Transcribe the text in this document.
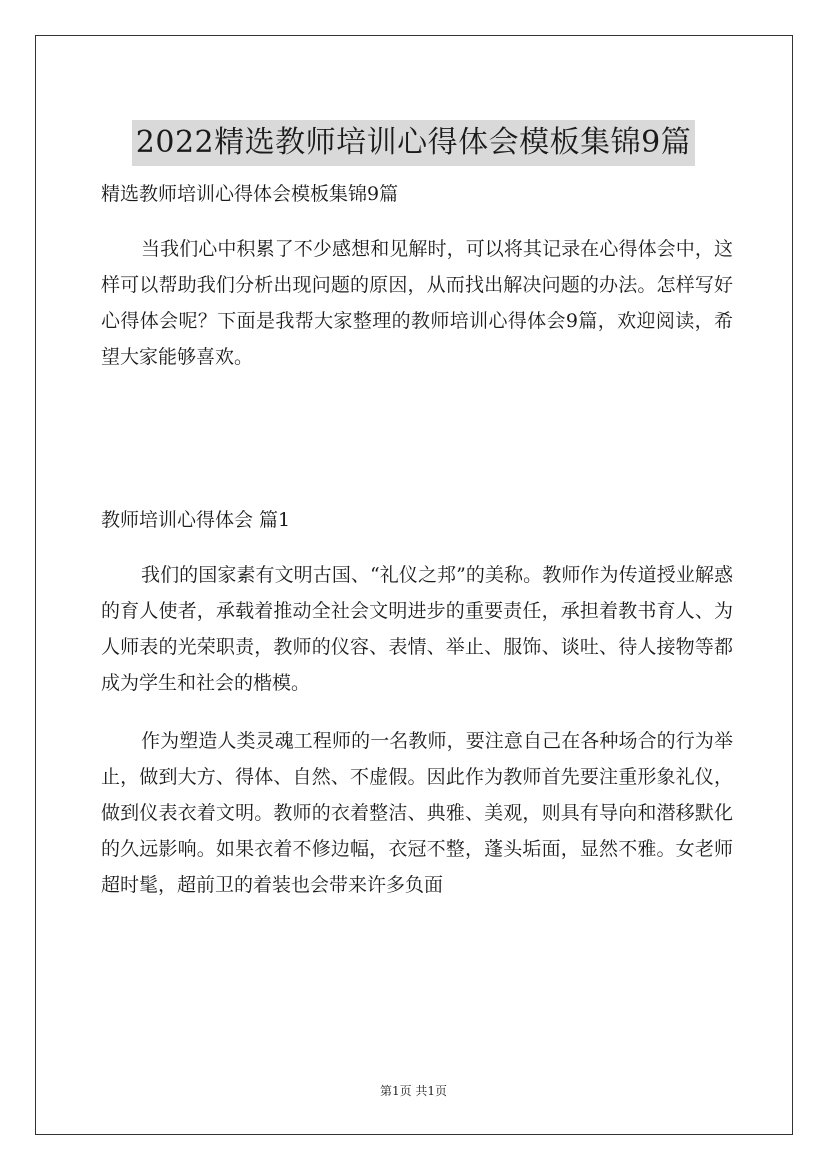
2022精选教师培训心得体会模板集锦9篇
精选教师培训心得体会模板集锦9篇

当我们心中积累了不少感想和见解时，可以将其记录在心得体会中，这样可以帮助我们分析出现问题的原因，从而找出解决问题的办法。怎样写好心得体会呢？下面是我帮大家整理的教师培训心得体会9篇，欢迎阅读，希望大家能够喜欢。

教师培训心得体会 篇1

我们的国家素有文明古国、“礼仪之邦”的美称。教师作为传道授业解惑的育人使者，承载着推动全社会文明进步的重要责任，承担着教书育人、为人师表的光荣职责，教师的仪容、表情、举止、服饰、谈吐、待人接物等都成为学生和社会的楷模。

作为塑造人类灵魂工程师的一名教师，要注意自己在各种场合的行为举止，做到大方、得体、自然、不虚假。因此作为教师首先要注重形象礼仪，做到仪表衣着文明。教师的衣着整洁、典雅、美观，则具有导向和潜移默化的久远影响。如果衣着不修边幅，衣冠不整，蓬头垢面，显然不雅。女老师超时髦，超前卫的着装也会带来许多负面

第1页 共1页
